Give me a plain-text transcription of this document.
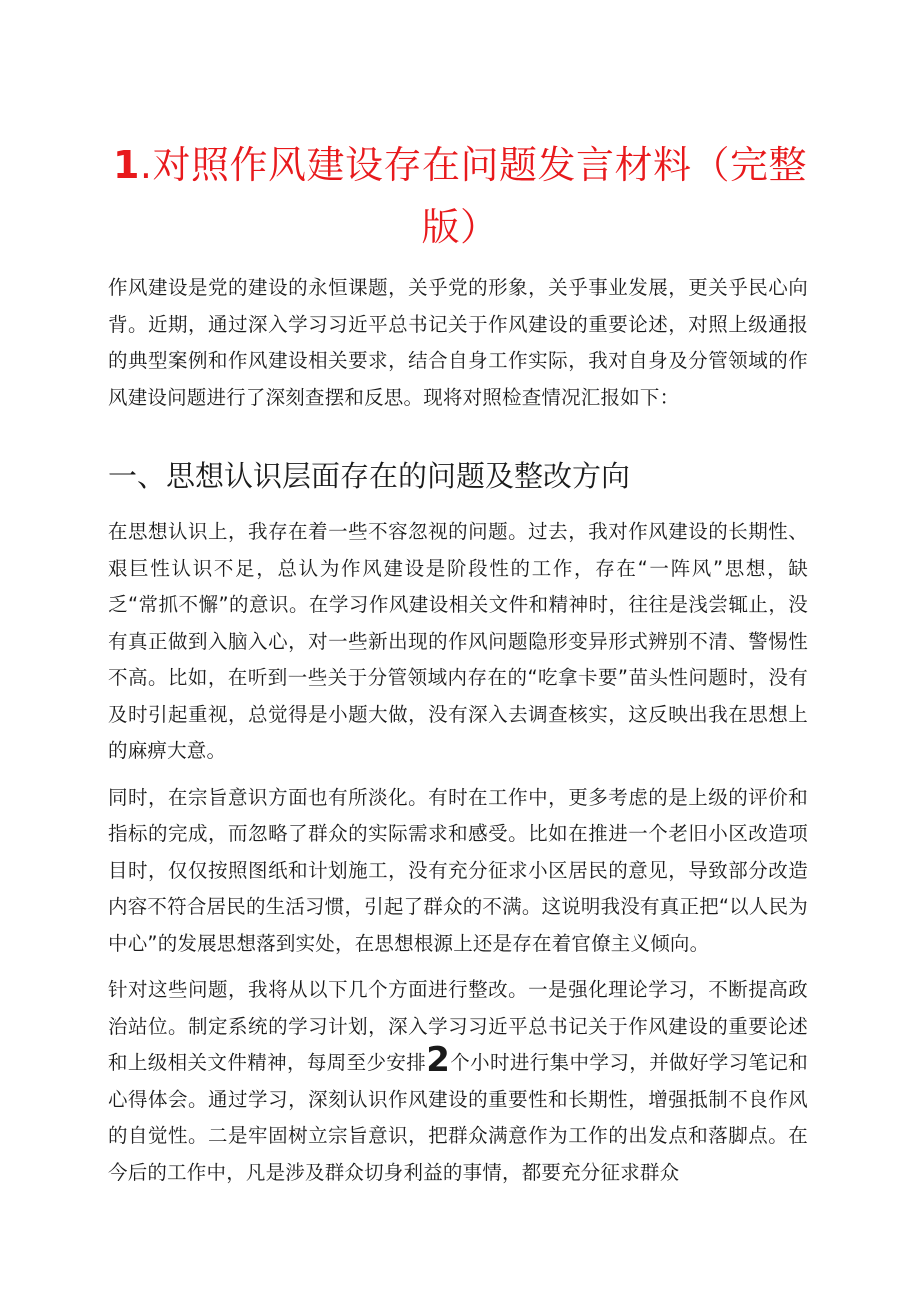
1.对照作风建设存在问题发言材料（完整版）

作风建设是党的建设的永恒课题，关乎党的形象，关乎事业发展，更关乎民心向背。近期，通过深入学习习近平总书记关于作风建设的重要论述，对照上级通报的典型案例和作风建设相关要求，结合自身工作实际，我对自身及分管领域的作风建设问题进行了深刻查摆和反思。现将对照检查情况汇报如下：

一、思想认识层面存在的问题及整改方向

在思想认识上，我存在着一些不容忽视的问题。过去，我对作风建设的长期性、艰巨性认识不足，总认为作风建设是阶段性的工作，存在“一阵风”思想，缺乏“常抓不懈”的意识。在学习作风建设相关文件和精神时，往往是浅尝辄止，没有真正做到入脑入心，对一些新出现的作风问题隐形变异形式辨别不清、警惕性不高。比如，在听到一些关于分管领域内存在的“吃拿卡要”苗头性问题时，没有及时引起重视，总觉得是小题大做，没有深入去调查核实，这反映出我在思想上的麻痹大意。

同时，在宗旨意识方面也有所淡化。有时在工作中，更多考虑的是上级的评价和指标的完成，而忽略了群众的实际需求和感受。比如在推进一个老旧小区改造项目时，仅仅按照图纸和计划施工，没有充分征求小区居民的意见，导致部分改造内容不符合居民的生活习惯，引起了群众的不满。这说明我没有真正把“以人民为中心”的发展思想落到实处，在思想根源上还是存在着官僚主义倾向。

针对这些问题，我将从以下几个方面进行整改。一是强化理论学习，不断提高政治站位。制定系统的学习计划，深入学习习近平总书记关于作风建设的重要论述和上级相关文件精神，每周至少安排2个小时进行集中学习，并做好学习笔记和心得体会。通过学习，深刻认识作风建设的重要性和长期性，增强抵制不良作风的自觉性。二是牢固树立宗旨意识，把群众满意作为工作的出发点和落脚点。在今后的工作中，凡是涉及群众切身利益的事情，都要充分征求群众
